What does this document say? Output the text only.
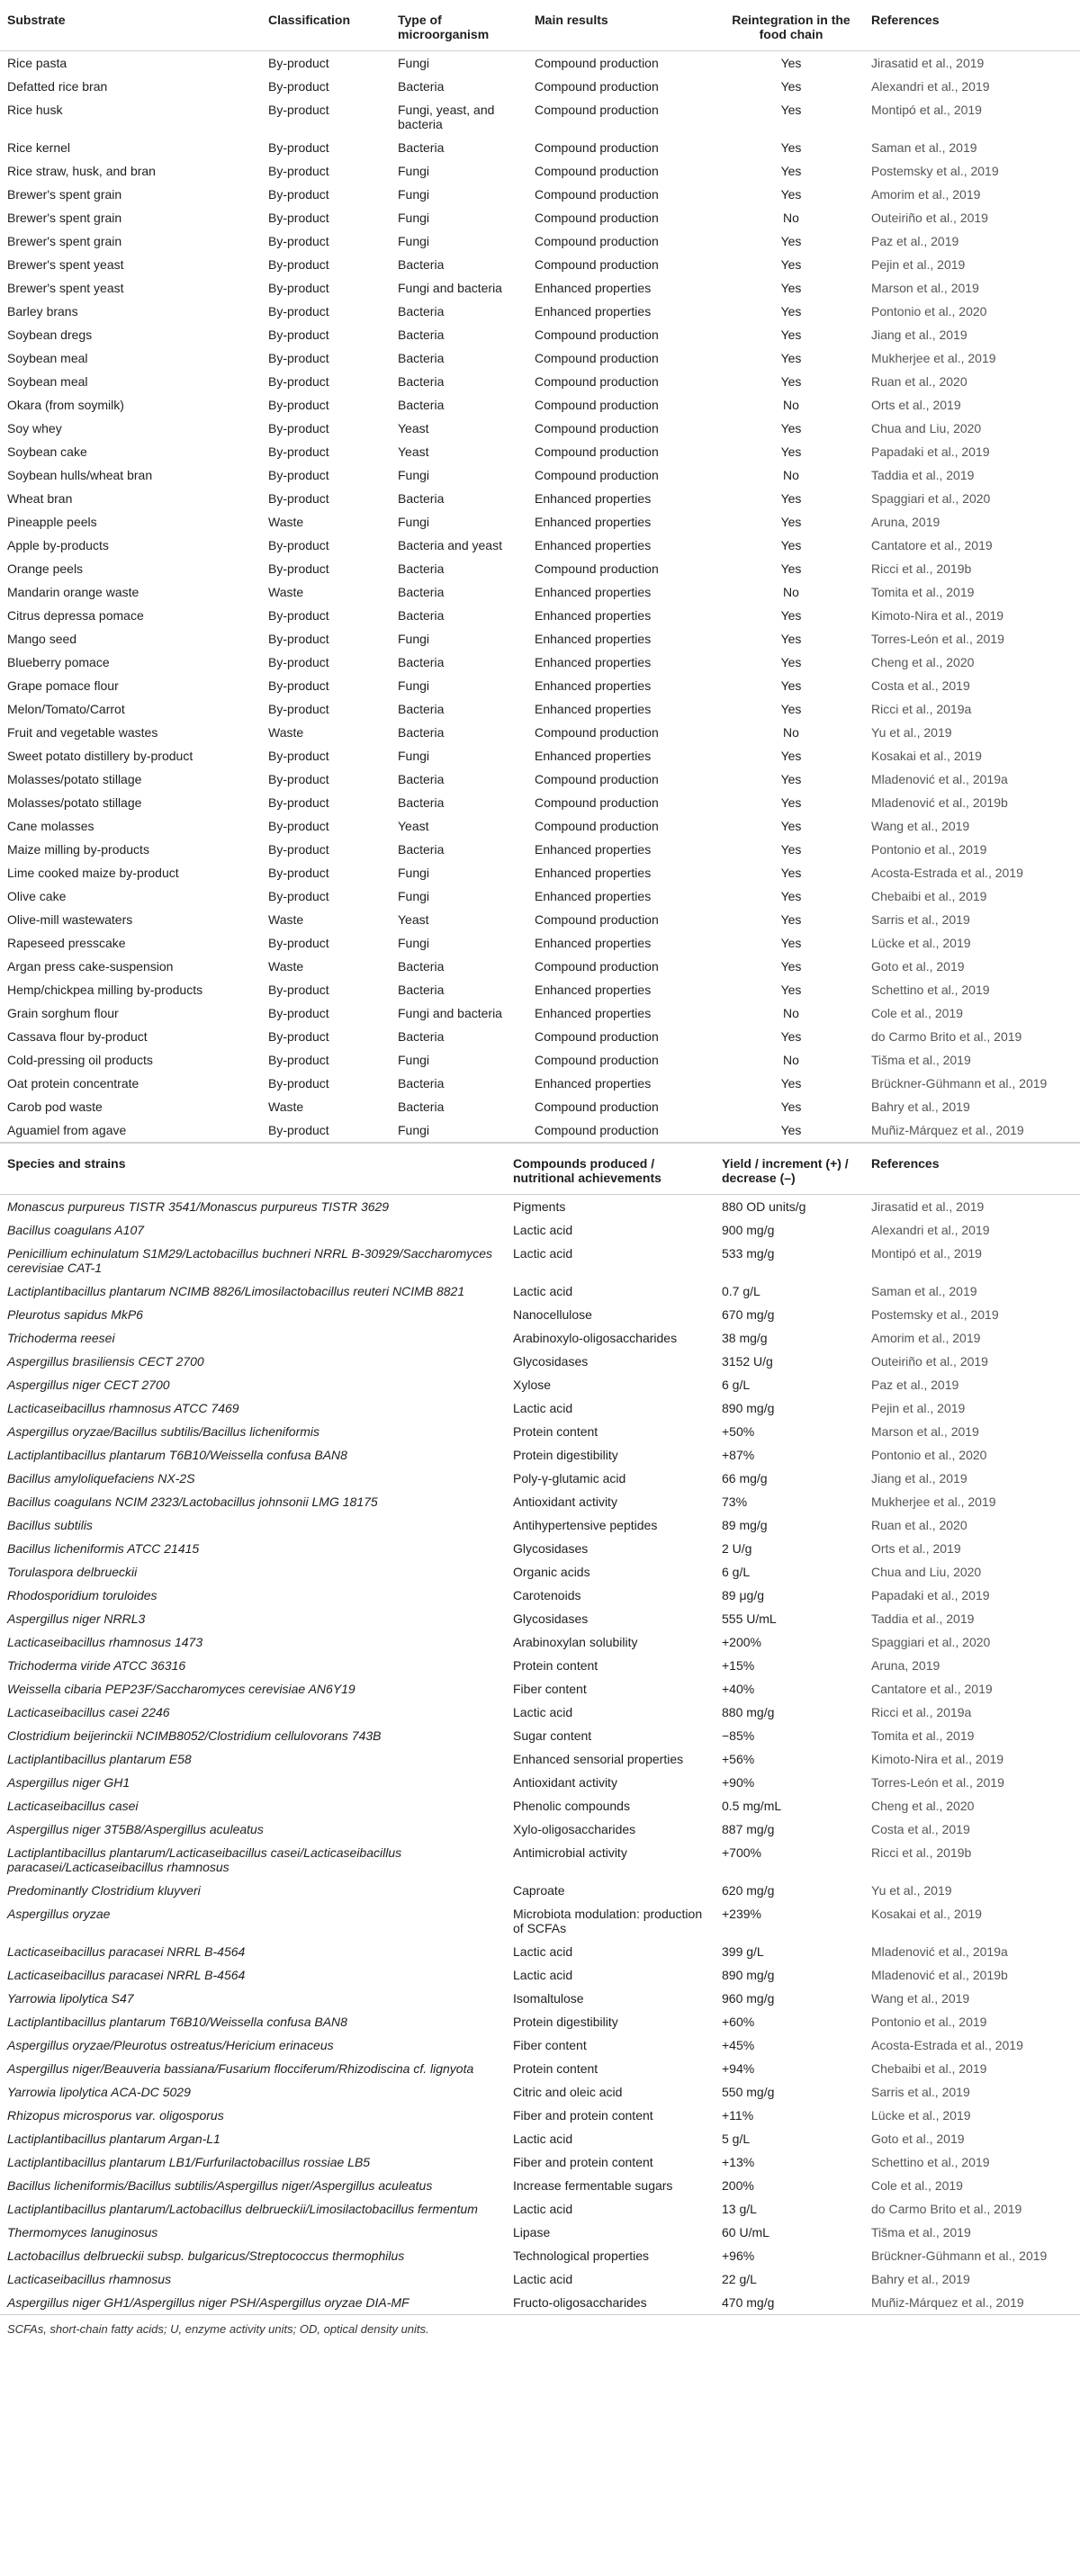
Substrate	Classification	Type of microorganism	Main results	Reintegration in the food chain	References
Rice pasta	By-product	Fungi	Compound production	Yes	Jirasatid et al., 2019
Defatted rice bran	By-product	Bacteria	Compound production	Yes	Alexandri et al., 2019
Rice husk	By-product	Fungi, yeast, and bacteria	Compound production	Yes	Montipó et al., 2019
Rice kernel	By-product	Bacteria	Compound production	Yes	Saman et al., 2019
Rice straw, husk, and bran	By-product	Fungi	Compound production	Yes	Postemsky et al., 2019
Brewer's spent grain	By-product	Fungi	Compound production	Yes	Amorim et al., 2019
Brewer's spent grain	By-product	Fungi	Compound production	No	Outeiriño et al., 2019
Brewer's spent grain	By-product	Fungi	Compound production	Yes	Paz et al., 2019
Brewer's spent yeast	By-product	Bacteria	Compound production	Yes	Pejin et al., 2019
Brewer's spent yeast	By-product	Fungi and bacteria	Enhanced properties	Yes	Marson et al., 2019
Barley brans	By-product	Bacteria	Enhanced properties	Yes	Pontonio et al., 2020
Soybean dregs	By-product	Bacteria	Compound production	Yes	Jiang et al., 2019
Soybean meal	By-product	Bacteria	Compound production	Yes	Mukherjee et al., 2019
Soybean meal	By-product	Bacteria	Compound production	Yes	Ruan et al., 2020
Okara (from soymilk)	By-product	Bacteria	Compound production	No	Orts et al., 2019
Soy whey	By-product	Yeast	Compound production	Yes	Chua and Liu, 2020
Soybean cake	By-product	Yeast	Compound production	Yes	Papadaki et al., 2019
Soybean hulls/wheat bran	By-product	Fungi	Compound production	No	Taddia et al., 2019
Wheat bran	By-product	Bacteria	Enhanced properties	Yes	Spaggiari et al., 2020
Pineapple peels	Waste	Fungi	Enhanced properties	Yes	Aruna, 2019
Apple by-products	By-product	Bacteria and yeast	Enhanced properties	Yes	Cantatore et al., 2019
Orange peels	By-product	Bacteria	Compound production	Yes	Ricci et al., 2019b
Mandarin orange waste	Waste	Bacteria	Enhanced properties	No	Tomita et al., 2019
Citrus depressa pomace	By-product	Bacteria	Enhanced properties	Yes	Kimoto-Nira et al., 2019
Mango seed	By-product	Fungi	Enhanced properties	Yes	Torres-León et al., 2019
Blueberry pomace	By-product	Bacteria	Enhanced properties	Yes	Cheng et al., 2020
Grape pomace flour	By-product	Fungi	Enhanced properties	Yes	Costa et al., 2019
Melon/Tomato/Carrot	By-product	Bacteria	Enhanced properties	Yes	Ricci et al., 2019a
Fruit and vegetable wastes	Waste	Bacteria	Compound production	No	Yu et al., 2019
Sweet potato distillery by-product	By-product	Fungi	Enhanced properties	Yes	Kosakai et al., 2019
Molasses/potato stillage	By-product	Bacteria	Compound production	Yes	Mladenović et al., 2019a
Molasses/potato stillage	By-product	Bacteria	Compound production	Yes	Mladenović et al., 2019b
Cane molasses	By-product	Yeast	Compound production	Yes	Wang et al., 2019
Maize milling by-products	By-product	Bacteria	Enhanced properties	Yes	Pontonio et al., 2019
Lime cooked maize by-product	By-product	Fungi	Enhanced properties	Yes	Acosta-Estrada et al., 2019
Olive cake	By-product	Fungi	Enhanced properties	Yes	Chebaibi et al., 2019
Olive-mill wastewaters	Waste	Yeast	Compound production	Yes	Sarris et al., 2019
Rapeseed presscake	By-product	Fungi	Enhanced properties	Yes	Lücke et al., 2019
Argan press cake-suspension	Waste	Bacteria	Compound production	Yes	Goto et al., 2019
Hemp/chickpea milling by-products	By-product	Bacteria	Enhanced properties	Yes	Schettino et al., 2019
Grain sorghum flour	By-product	Fungi and bacteria	Enhanced properties	No	Cole et al., 2019
Cassava flour by-product	By-product	Bacteria	Compound production	Yes	do Carmo Brito et al., 2019
Cold-pressing oil products	By-product	Fungi	Compound production	No	Tišma et al., 2019
Oat protein concentrate	By-product	Bacteria	Enhanced properties	Yes	Brückner-Gühmann et al., 2019
Carob pod waste	Waste	Bacteria	Compound production	Yes	Bahry et al., 2019
Aguamiel from agave	By-product	Fungi	Compound production	Yes	Muñiz-Márquez et al., 2019
Species and strains	Compounds produced / nutritional achievements	Yield / increment (+) / decrease (–)	References
Monascus purpureus TISTR 3541/Monascus purpureus TISTR 3629	Pigments	880 OD units/g	Jirasatid et al., 2019
Bacillus coagulans A107	Lactic acid	900 mg/g	Alexandri et al., 2019
Penicillium echinulatum S1M29/Lactobacillus buchneri NRRL B-30929/Saccharomyces cerevisiae CAT-1	Lactic acid	533 mg/g	Montipó et al., 2019
Lactiplantibacillus plantarum NCIMB 8826/Limosilactobacillus reuteri NCIMB 8821	Lactic acid	0.7 g/L	Saman et al., 2019
Pleurotus sapidus MkP6	Nanocellulose	670 mg/g	Postemsky et al., 2019
Trichoderma reesei	Arabinoxylo-oligosaccharides	38 mg/g	Amorim et al., 2019
Aspergillus brasiliensis CECT 2700	Glycosidases	3152 U/g	Outeiriño et al., 2019
Aspergillus niger CECT 2700	Xylose	6 g/L	Paz et al., 2019
Lacticaseibacillus rhamnosus ATCC 7469	Lactic acid	890 mg/g	Pejin et al., 2019
Aspergillus oryzae/Bacillus subtilis/Bacillus licheniformis	Protein content	+50%	Marson et al., 2019
Lactiplantibacillus plantarum T6B10/Weissella confusa BAN8	Protein digestibility	+87%	Pontonio et al., 2020
Bacillus amyloliquefaciens NX-2S	Poly-γ-glutamic acid	66 mg/g	Jiang et al., 2019
Bacillus coagulans NCIM 2323/Lactobacillus johnsonii LMG 18175	Antioxidant activity	73%	Mukherjee et al., 2019
Bacillus subtilis	Antihypertensive peptides	89 mg/g	Ruan et al., 2020
Bacillus licheniformis ATCC 21415	Glycosidases	2 U/g	Orts et al., 2019
Torulaspora delbrueckii	Organic acids	6 g/L	Chua and Liu, 2020
Rhodosporidium toruloides	Carotenoids	89 μg/g	Papadaki et al., 2019
Aspergillus niger NRRL3	Glycosidases	555 U/mL	Taddia et al., 2019
Lacticaseibacillus rhamnosus 1473	Arabinoxylan solubility	+200%	Spaggiari et al., 2020
Trichoderma viride ATCC 36316	Protein content	+15%	Aruna, 2019
Weissella cibaria PEP23F/Saccharomyces cerevisiae AN6Y19	Fiber content	+40%	Cantatore et al., 2019
Lacticaseibacillus casei 2246	Lactic acid	880 mg/g	Ricci et al., 2019a
Clostridium beijerinckii NCIMB8052/Clostridium cellulovorans 743B	Sugar content	−85%	Tomita et al., 2019
Lactiplantibacillus plantarum E58	Enhanced sensorial properties	+56%	Kimoto-Nira et al., 2019
Aspergillus niger GH1	Antioxidant activity	+90%	Torres-León et al., 2019
Lacticaseibacillus casei	Phenolic compounds	0.5 mg/mL	Cheng et al., 2020
Aspergillus niger 3T5B8/Aspergillus aculeatus	Xylo-oligosaccharides	887 mg/g	Costa et al., 2019
Lactiplantibacillus plantarum/Lacticaseibacillus casei/Lacticaseibacillus paracasei/Lacticaseibacillus rhamnosus	Antimicrobial activity	+700%	Ricci et al., 2019b
Predominantly Clostridium kluyveri	Caproate	620 mg/g	Yu et al., 2019
Aspergillus oryzae	Microbiota modulation: production of SCFAs	+239%	Kosakai et al., 2019
Lacticaseibacillus paracasei NRRL B-4564	Lactic acid	399 g/L	Mladenović et al., 2019a
Lacticaseibacillus paracasei NRRL B-4564	Lactic acid	890 mg/g	Mladenović et al., 2019b
Yarrowia lipolytica S47	Isomaltulose	960 mg/g	Wang et al., 2019
Lactiplantibacillus plantarum T6B10/Weissella confusa BAN8	Protein digestibility	+60%	Pontonio et al., 2019
Aspergillus oryzae/Pleurotus ostreatus/Hericium erinaceus	Fiber content	+45%	Acosta-Estrada et al., 2019
Aspergillus niger/Beauveria bassiana/Fusarium flocciferum/Rhizodiscina cf. lignyota	Protein content	+94%	Chebaibi et al., 2019
Yarrowia lipolytica ACA-DC 5029	Citric and oleic acid	550 mg/g	Sarris et al., 2019
Rhizopus microsporus var. oligosporus	Fiber and protein content	+11%	Lücke et al., 2019
Lactiplantibacillus plantarum Argan-L1	Lactic acid	5 g/L	Goto et al., 2019
Lactiplantibacillus plantarum LB1/Furfurilactobacillus rossiae LB5	Fiber and protein content	+13%	Schettino et al., 2019
Bacillus licheniformis/Bacillus subtilis/Aspergillus niger/Aspergillus aculeatus	Increase fermentable sugars	200%	Cole et al., 2019
Lactiplantibacillus plantarum/Lactobacillus delbrueckii/Limosilactobacillus fermentum	Lactic acid	13 g/L	do Carmo Brito et al., 2019
Thermomyces lanuginosus	Lipase	60 U/mL	Tišma et al., 2019
Lactobacillus delbrueckii subsp. bulgaricus/Streptococcus thermophilus	Technological properties	+96%	Brückner-Gühmann et al., 2019
Lacticaseibacillus rhamnosus	Lactic acid	22 g/L	Bahry et al., 2019
Aspergillus niger GH1/Aspergillus niger PSH/Aspergillus oryzae DIA-MF	Fructo-oligosaccharides	470 mg/g	Muñiz-Márquez et al., 2019
SCFAs, short-chain fatty acids; U, enzyme activity units; OD, optical density units.
